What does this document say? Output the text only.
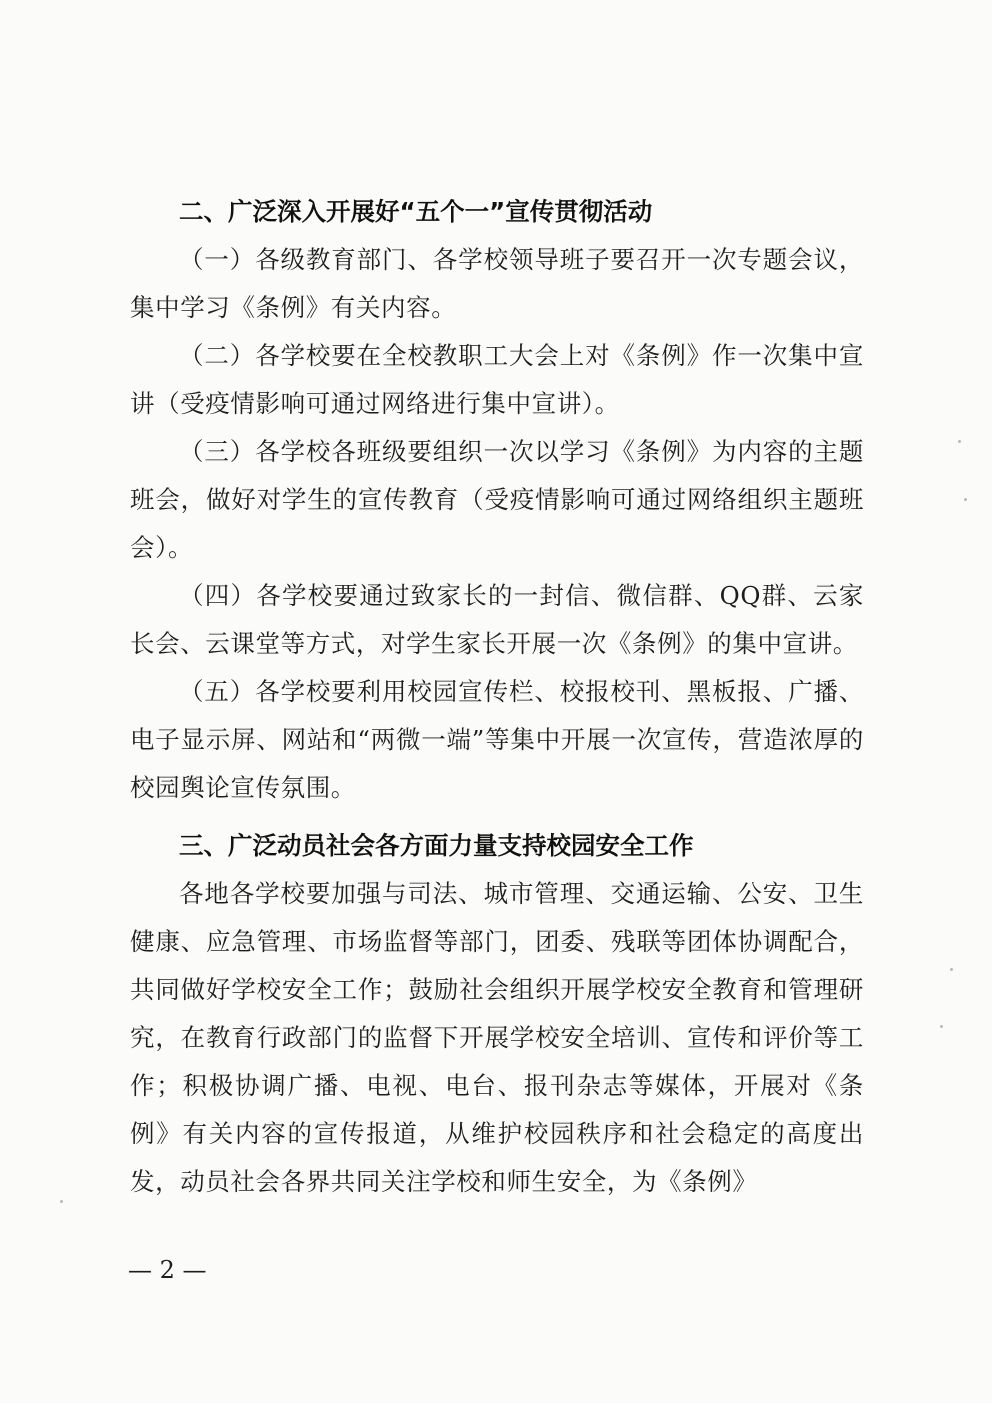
二、广泛深入开展好“五个一”宣传贯彻活动

（一）各级教育部门、各学校领导班子要召开一次专题会议，集中学习《条例》有关内容。

（二）各学校要在全校教职工大会上对《条例》作一次集中宣讲（受疫情影响可通过网络进行集中宣讲）。

（三）各学校各班级要组织一次以学习《条例》为内容的主题班会，做好对学生的宣传教育（受疫情影响可通过网络组织主题班会）。

（四）各学校要通过致家长的一封信、微信群、QQ群、云家长会、云课堂等方式，对学生家长开展一次《条例》的集中宣讲。

（五）各学校要利用校园宣传栏、校报校刊、黑板报、广播、电子显示屏、网站和“两微一端”等集中开展一次宣传，营造浓厚的校园舆论宣传氛围。

三、广泛动员社会各方面力量支持校园安全工作

各地各学校要加强与司法、城市管理、交通运输、公安、卫生健康、应急管理、市场监督等部门，团委、残联等团体协调配合，共同做好学校安全工作；鼓励社会组织开展学校安全教育和管理研究，在教育行政部门的监督下开展学校安全培训、宣传和评价等工作；积极协调广播、电视、电台、报刊杂志等媒体，开展对《条例》有关内容的宣传报道，从维护校园秩序和社会稳定的高度出发，动员社会各界共同关注学校和师生安全，为《条例》

— 2 —
